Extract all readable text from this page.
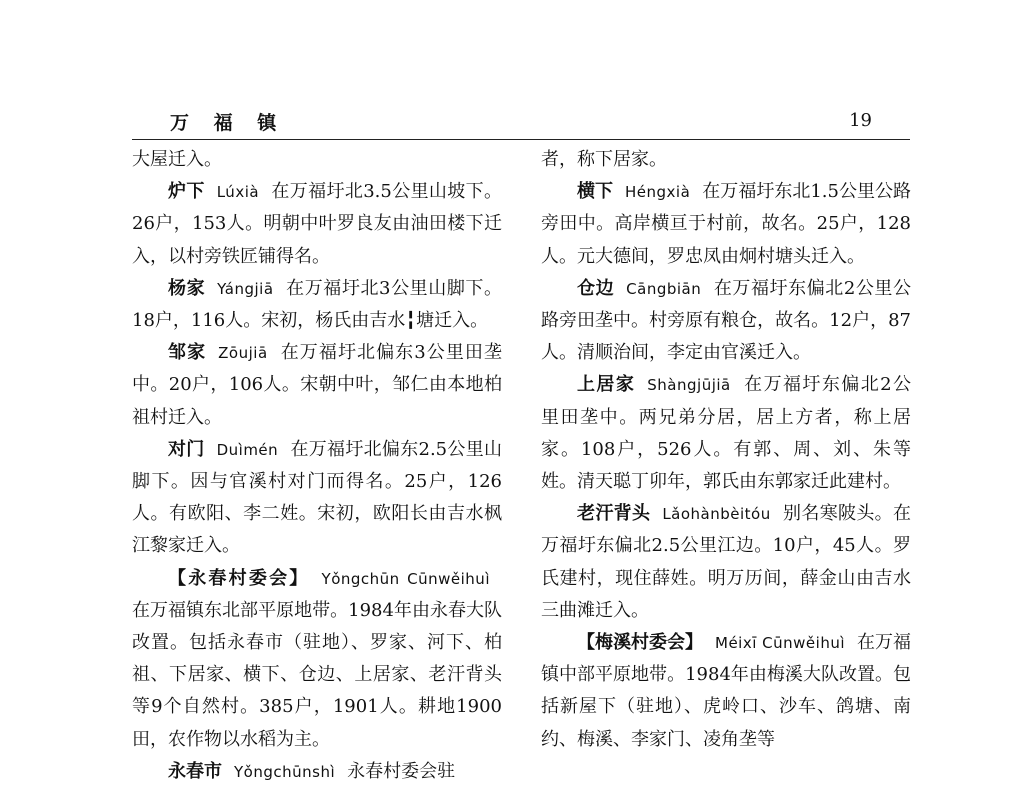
万 福 镇	19

大屋迁入。

炉下 Lúxià 在万福圩北3.5公里山坡下。26户，153人。明朝中叶罗良友由油田楼下迁入，以村旁铁匠铺得名。

杨家 Yángjiā 在万福圩北3公里山脚下。18户，116人。宋初，杨氏由吉水╏塘迁入。

邹家 Zōujiā 在万福圩北偏东3公里田垄中。20户，106人。宋朝中叶，邹仁由本地柏祖村迁入。

对门 Duìmén 在万福圩北偏东2.5公里山脚下。因与官溪村对门而得名。25户，126人。有欧阳、李二姓。宋初，欧阳长由吉水枫江黎家迁入。

【永春村委会】 Yǒngchūn Cūnwěihuì在万福镇东北部平原地带。1984年由永春大队改置。包括永春市（驻地）、罗家、河下、柏祖、下居家、横下、仓边、上居家、老汗背头等9个自然村。385户，1901人。耕地1900田，农作物以水稻为主。

永春市 Yǒngchūnshì 永春村委会驻

者，称下居家。

横下 Héngxià 在万福圩东北1.5公里公路旁田中。高岸横亘于村前，故名。25户，128人。元大德间，罗忠凤由炯村塘头迁入。

仓边 Cāngbiān 在万福圩东偏北2公里公路旁田垄中。村旁原有粮仓，故名。12户，87人。清顺治间，李定由官溪迁入。

上居家 Shàngjūjiā 在万福圩东偏北2公里田垄中。两兄弟分居，居上方者，称上居家。108户，526人。有郭、周、刘、朱等姓。清天聪丁卯年，郭氏由东郭家迁此建村。

老汗背头 Lǎohànbèitóu 别名寒陂头。在万福圩东偏北2.5公里江边。10户，45人。罗氏建村，现住薛姓。明万历间，薛金山由吉水三曲滩迁入。

【梅溪村委会】 Méixī Cūnwěihuì 在万福镇中部平原地带。1984年由梅溪大队改置。包括新屋下（驻地）、虎岭口、沙车、鸽塘、南约、梅溪、李家门、凌角垄等
